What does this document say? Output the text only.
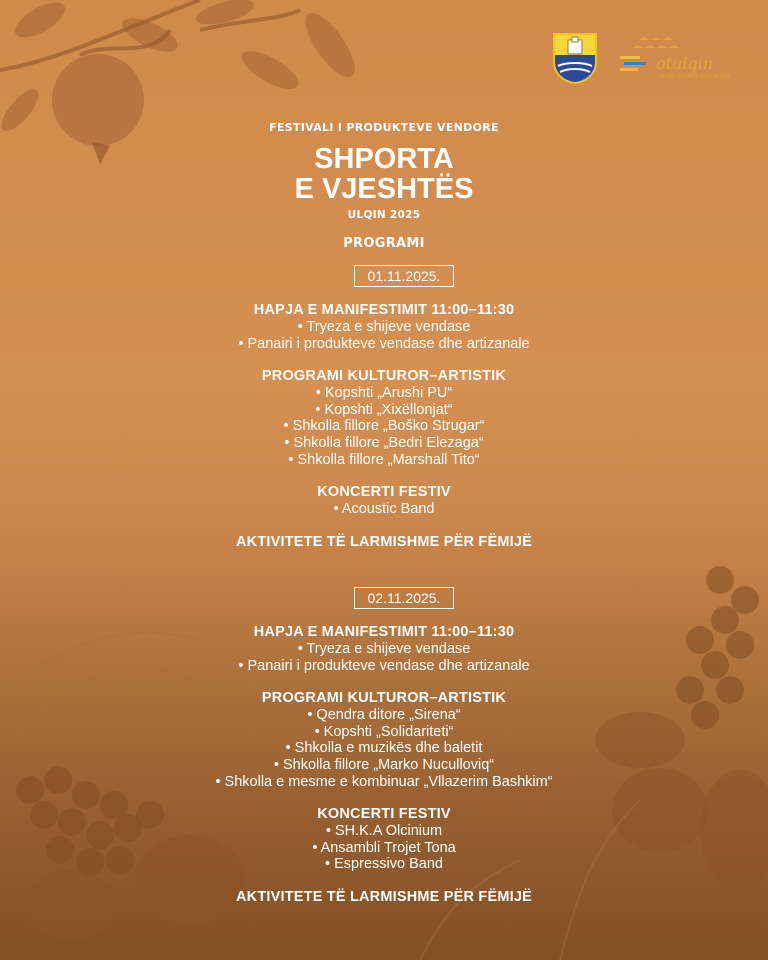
otulqin
organizata turistike
FESTIVALI I PRODUKTEVE VENDORE
SHPORTA
E VJESHTËS
ULQIN 2025
PROGRAMI
01.11.2025.
HAPJA E MANIFESTIMIT 11:00–11:30
• Tryeza e shijeve vendase
• Panairi i produkteve vendase dhe artizanale
PROGRAMI KULTUROR–ARTISTIK
• Kopshti „Arushi PU“
• Kopshti „Xixëllonjat“
• Shkolla fillore „Boško Strugar“
• Shkolla fillore „Bedri Elezaga“
• Shkolla fillore „Marshall Tito“
KONCERTI FESTIV
• Acoustic Band
AKTIVITETE TË LARMISHME PËR FËMIJË
02.11.2025.
HAPJA E MANIFESTIMIT 11:00–11:30
• Tryeza e shijeve vendase
• Panairi i produkteve vendase dhe artizanale
PROGRAMI KULTUROR–ARTISTIK
• Qendra ditore „Sirena“
• Kopshti „Solidariteti“
• Shkolla e muzikës dhe baletit
• Shkolla fillore „Marko Nuculloviq“
• Shkolla e mesme e kombinuar „Vllazerim Bashkim“
KONCERTI FESTIV
• SH.K.A Olcinium
• Ansambli Trojet Tona
• Espressivo Band
AKTIVITETE TË LARMISHME PËR FËMIJË
